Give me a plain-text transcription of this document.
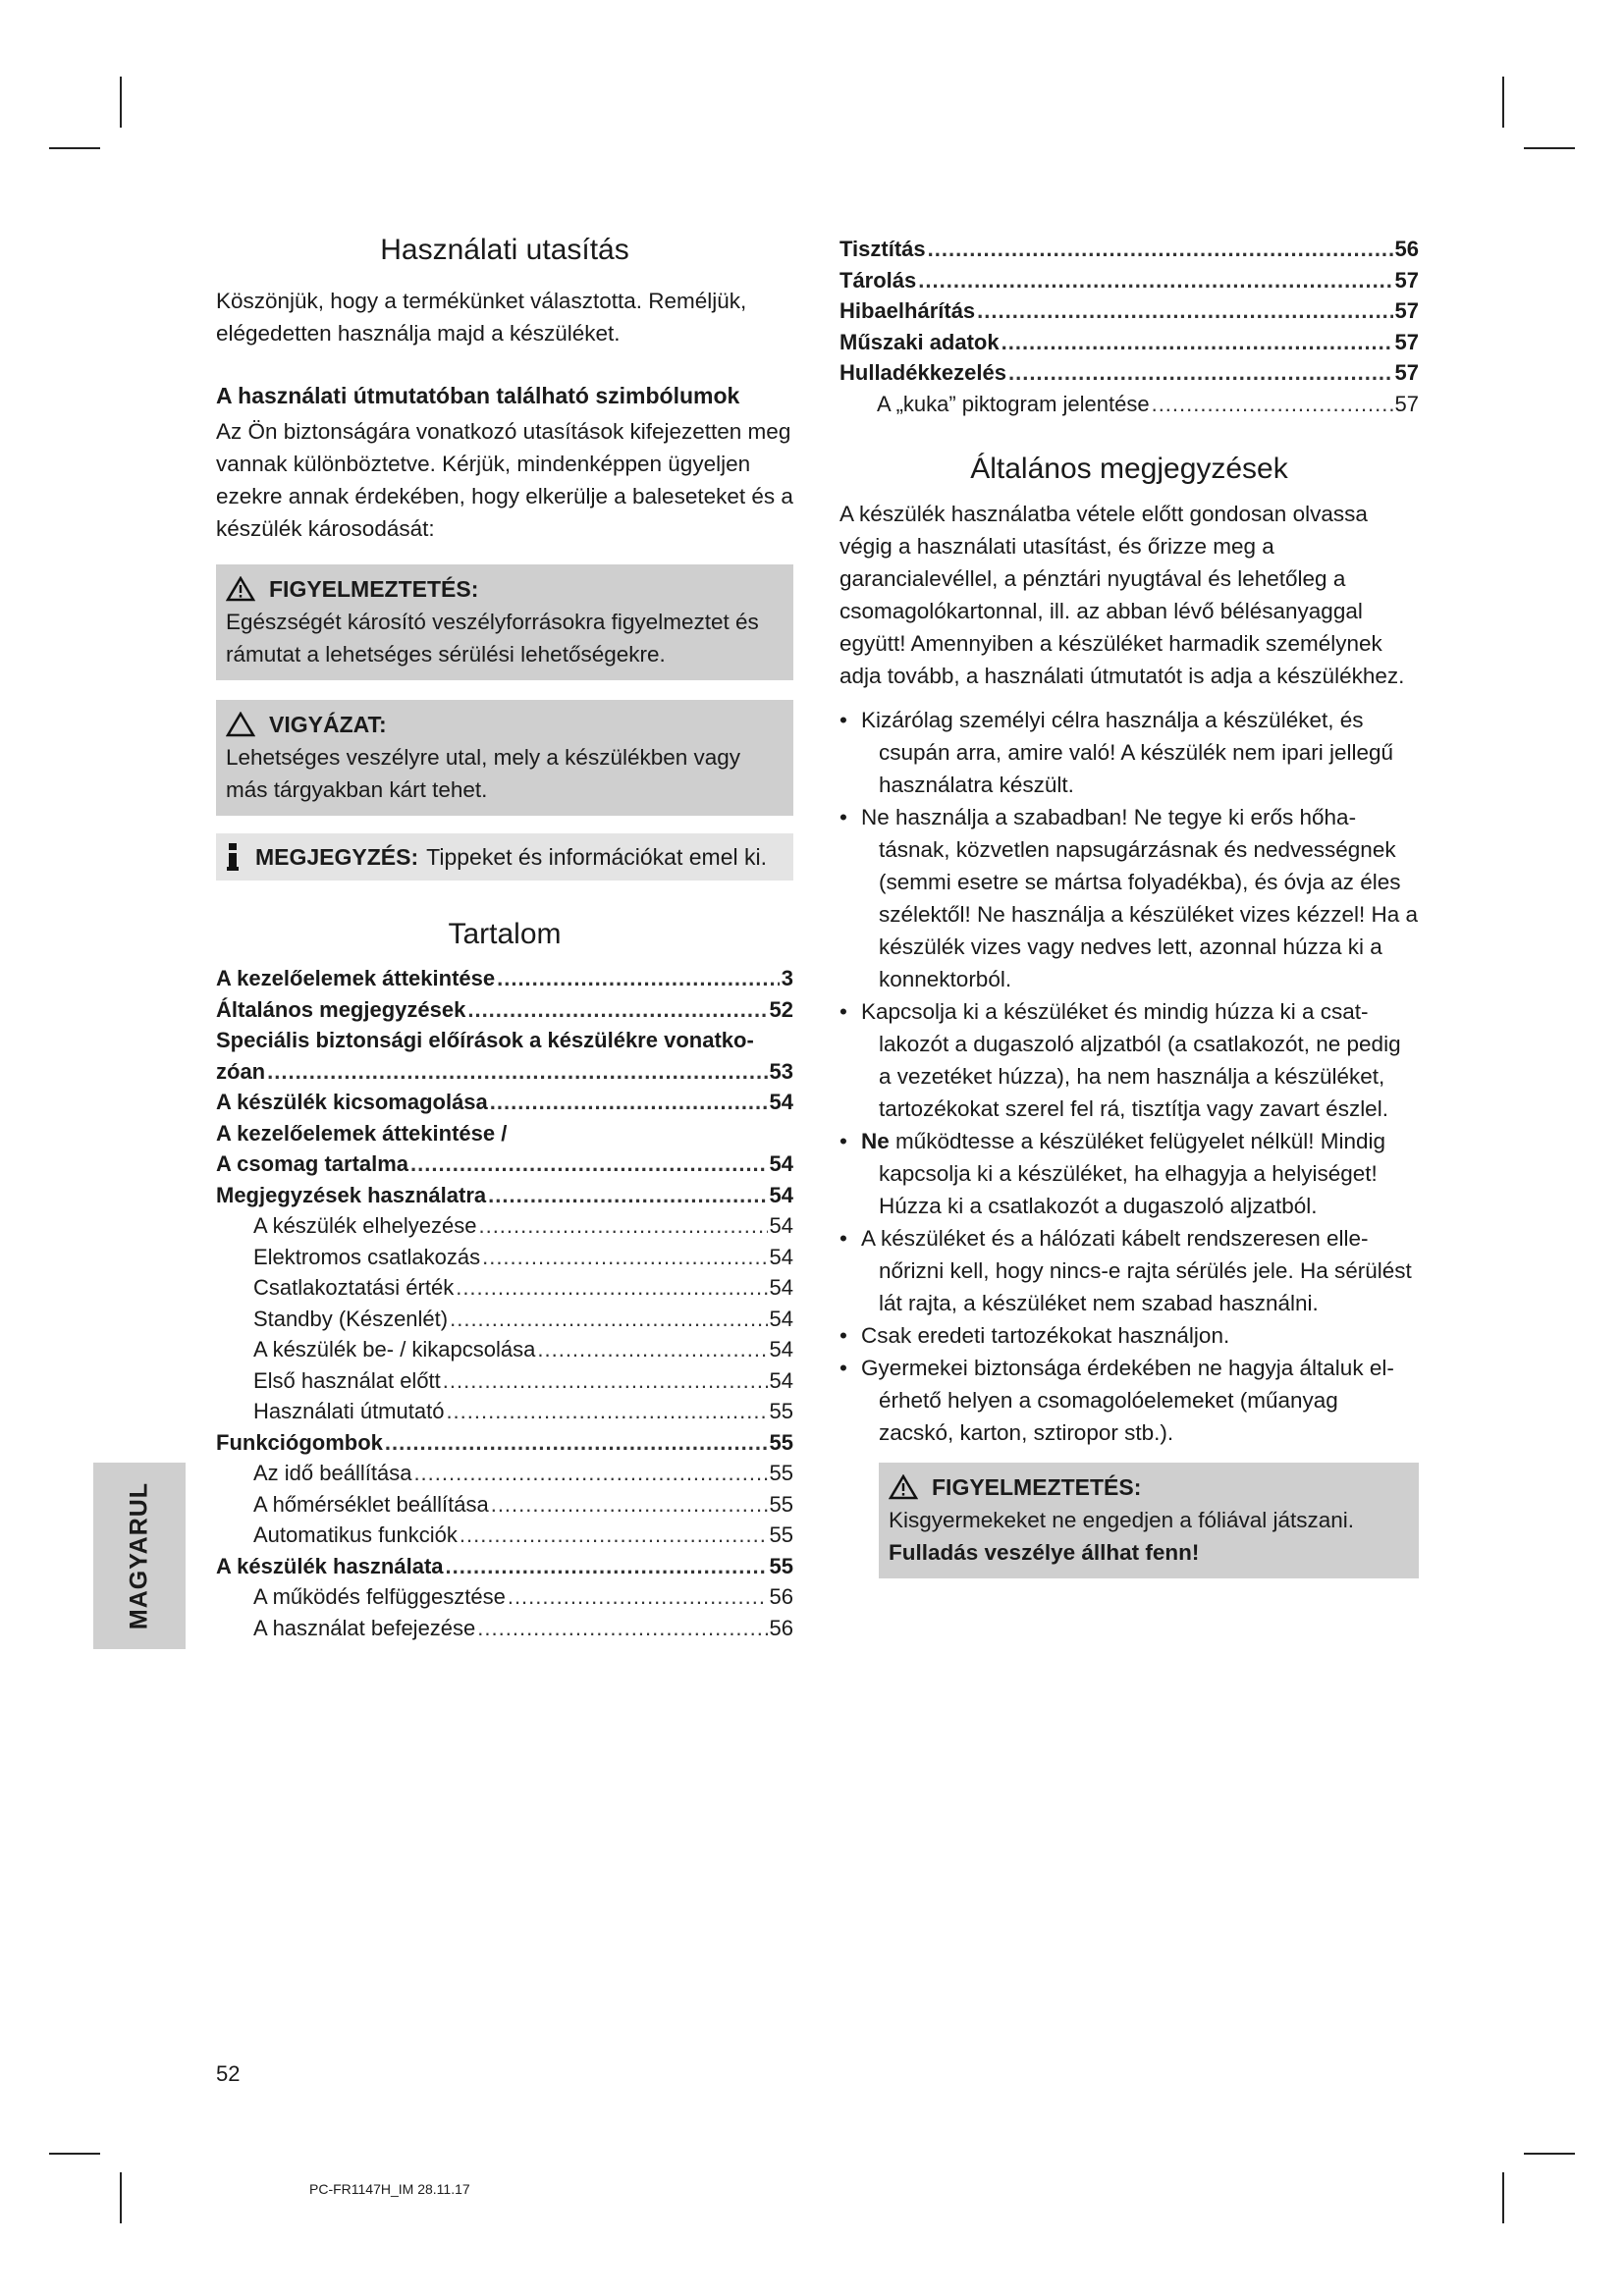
Használati utasítás

Köszönjük, hogy a termékünket választotta. Reméljük, elégedetten használja majd a készüléket.

A használati útmutatóban található szimbólumok

Az Ön biztonságára vonatkozó utasítások kifejezetten meg vannak különböztetve. Kérjük, mindenképpen ügyeljen ezekre annak érdekében, hogy elkerülje a baleseteket és a készülék károsodását:

FIGYELMEZTETÉS:
Egészségét károsító veszélyforrásokra figyelmeztet és rámutat a lehetséges sérülési lehetőségekre.
VIGYÁZAT:
Lehetséges veszélyre utal, mely a készülékben vagy más tárgyakban kárt tehet.
MEGJEGYZÉS: Tippeket és információkat emel ki.
Tartalom
A kezelőelemek áttekintése .....	3
Általános megjegyzések .....	52
Speciális biztonsági előírások a készülékre vonatko-
zóan .....	53
A készülék kicsomagolása .....	54
A kezelőelemek áttekintése /
A csomag tartalma .....	54
Megjegyzések használatra .....	54
A készülék elhelyezése .....	54
Elektromos csatlakozás .....	54
Csatlakoztatási érték .....	54
Standby (Készenlét) .....	54
A készülék be- / kikapcsolása .....	54
Első használat előtt .....	54
Használati útmutató .....	55
Funkciógombok .....	55
Az idő beállítása .....	55
A hőmérséklet beállítása .....	55
Automatikus funkciók .....	55
A készülék használata .....	55
A működés felfüggesztése .....	56
A használat befejezése .....	56
Tisztítás .....	56
Tárolás .....	57
Hibaelhárítás .....	57
Műszaki adatok .....	57
Hulladékkezelés .....	57
A „kuka” piktogram jelentése .....	57
Általános megjegyzések

A készülék használatba vétele előtt gondosan olvassa végig a használati utasítást, és őrizze meg a garancialevéllel, a pénztári nyugtával és lehetőleg a csomagolókartonnal, ill. az abban lévő bélésanyaggal együtt! Amennyiben a készüléket harmadik személynek adja tovább, a használati útmutatót is adja a készülékhez.

• Kizárólag személyi célra használja a készüléket, és
csupán arra, amire való! A készülék nem ipari jellegű használatra készült.
• Ne használja a szabadban! Ne tegye ki erős hőha-
tásnak, közvetlen napsugárzásnak és nedvességnek (semmi esetre se mártsa folyadékba), és óvja az éles szélektől! Ne használja a készüléket vizes kézzel! Ha a készülék vizes vagy nedves lett, azonnal húzza ki a konnektorból.
• Kapcsolja ki a készüléket és mindig húzza ki a csat-
lakozót a dugaszoló aljzatból (a csatlakozót, ne pedig a vezetéket húzza), ha nem használja a készüléket, tartozékokat szerel fel rá, tisztítja vagy zavart észlel.
• Ne működtesse a készüléket felügyelet nélkül! Mindig
kapcsolja ki a készüléket, ha elhagyja a helyiséget! Húzza ki a csatlakozót a dugaszoló aljzatból.
• A készüléket és a hálózati kábelt rendszeresen elle-
nőrizni kell, hogy nincs-e rajta sérülés jele. Ha sérülést lát rajta, a készüléket nem szabad használni.
• Csak eredeti tartozékokat használjon.
• Gyermekei biztonsága érdekében ne hagyja általuk el-
érhető helyen a csomagolóelemeket (műanyag zacskó, karton, sztiropor stb.).
FIGYELMEZTETÉS:
Kisgyermekeket ne engedjen a fóliával játszani.
Fulladás veszélye állhat fenn!
MAGYARUL
52
PC-FR1147H_IM 28.11.17
